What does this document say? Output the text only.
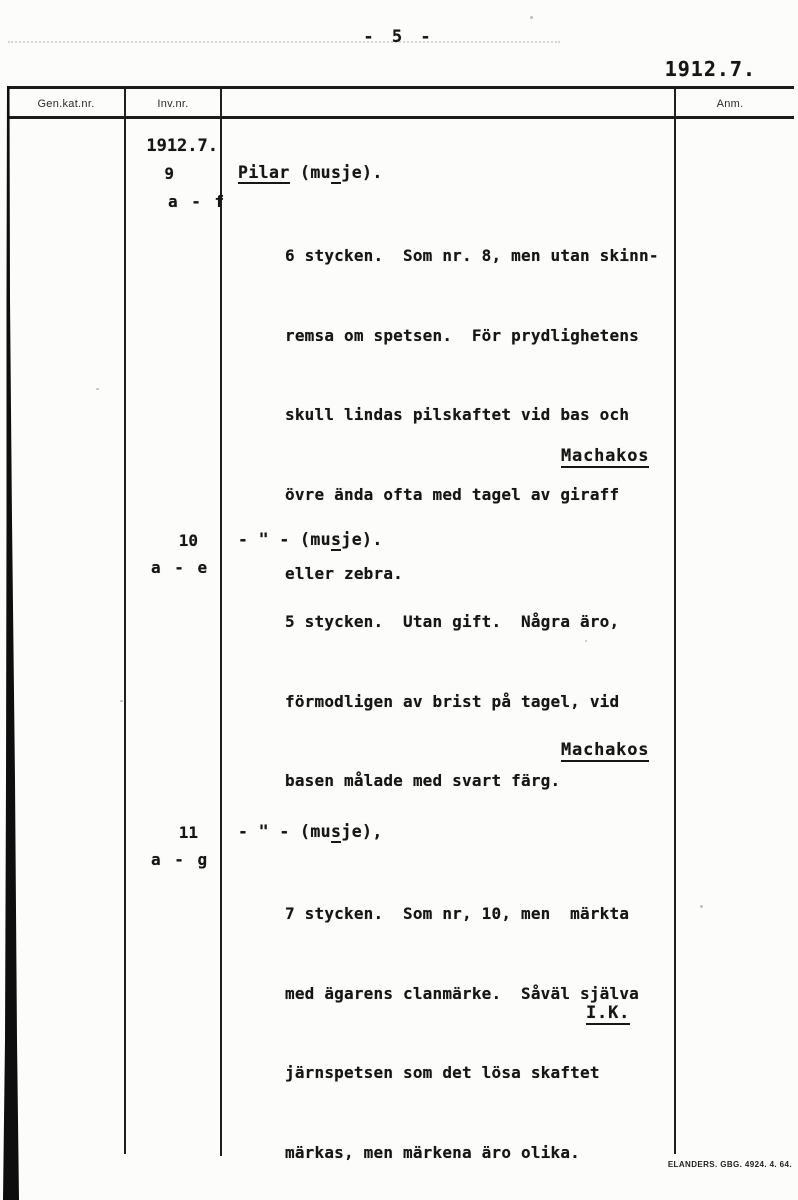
- 5 -
1912.7.
Gen.kat.nr.	Inv.nr.	Anm.
1912.7.
9
a - f
Pilar (musje).

6 stycken.  Som nr. 8, men utan skinn-

remsa om spetsen.  För prydlighetens

skull lindas pilskaftet vid bas och

övre ända ofta med tagel av giraff

eller zebra.

Machakos
10
a - e
- " - (musje).

5 stycken.  Utan gift.  Några äro,

förmodligen av brist på tagel, vid

basen målade med svart färg.

Machakos
11
a - g
- " - (musje),

7 stycken.  Som nr, 10, men  märkta

med ägarens clanmärke.  Såväl själva

järnspetsen som det lösa skaftet

märkas, men märkena äro olika.

I.K.
ELANDERS. GBG. 4924. 4. 64.
